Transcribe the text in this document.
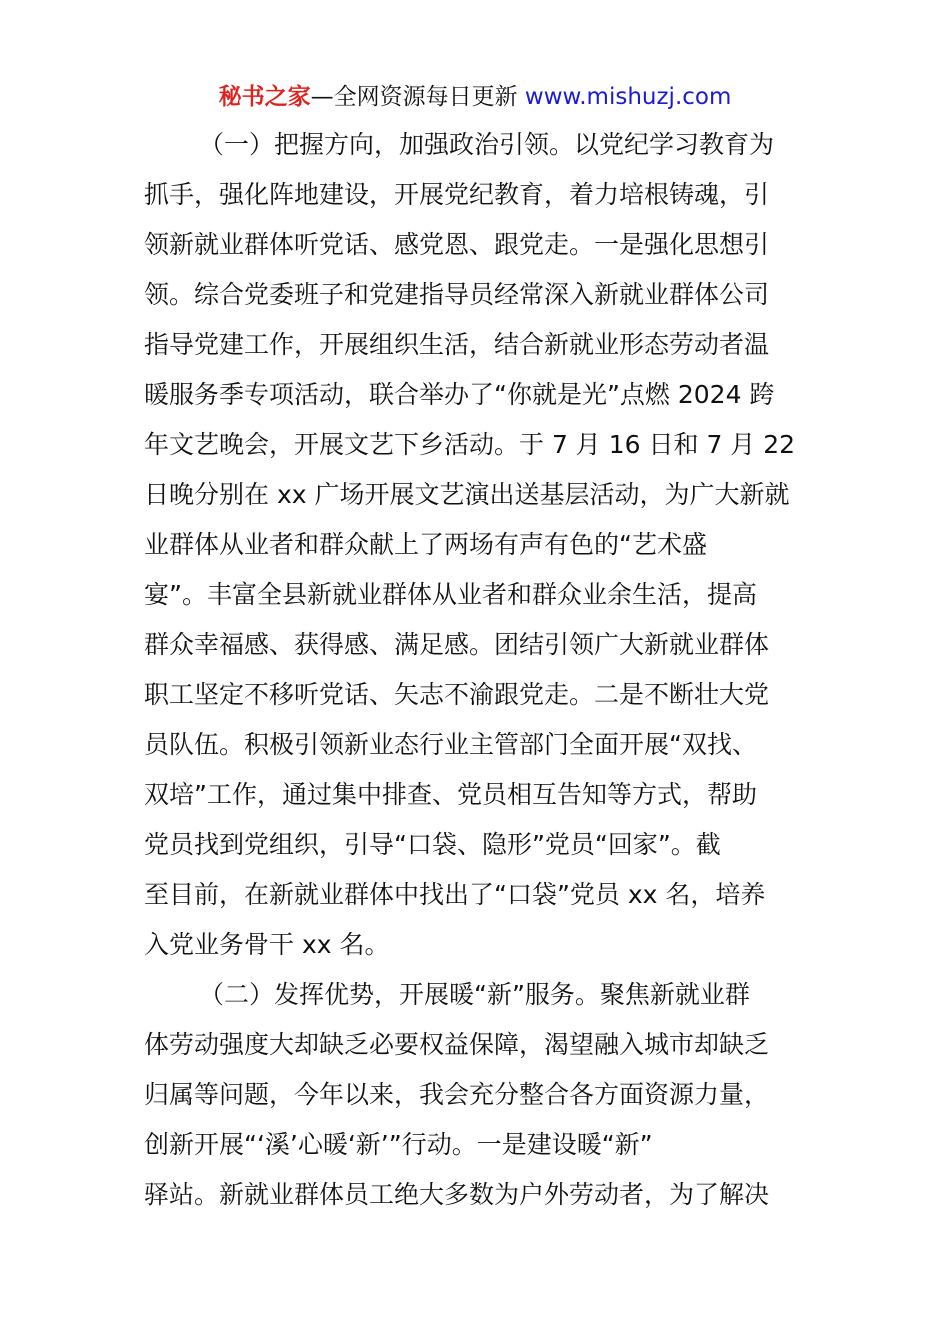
秘书之家—全网资源每日更新 www.mishuzj.com
（一）把握方向，加强政治引领。以党纪学习教育为
抓手，强化阵地建设，开展党纪教育，着力培根铸魂，引
领新就业群体听党话、感党恩、跟党走。一是强化思想引
领。综合党委班子和党建指导员经常深入新就业群体公司
指导党建工作，开展组织生活，结合新就业形态劳动者温
暖服务季专项活动，联合举办了“你就是光”点燃 2024 跨
年文艺晚会，开展文艺下乡活动。于 7 月 16 日和 7 月 22
日晚分别在 xx 广场开展文艺演出送基层活动，为广大新就
业群体从业者和群众献上了两场有声有色的“艺术盛
宴”。丰富全县新就业群体从业者和群众业余生活，提高
群众幸福感、获得感、满足感。团结引领广大新就业群体
职工坚定不移听党话、矢志不渝跟党走。二是不断壮大党
员队伍。积极引领新业态行业主管部门全面开展“双找、
双培”工作，通过集中排查、党员相互告知等方式，帮助
党员找到党组织，引导“口袋、隐形”党员“回家”。截
至目前，在新就业群体中找出了“口袋”党员 xx 名，培养
入党业务骨干 xx 名。
（二）发挥优势，开展暖“新”服务。聚焦新就业群
体劳动强度大却缺乏必要权益保障，渴望融入城市却缺乏
归属等问题，今年以来，我会充分整合各方面资源力量，
创新开展“‘溪’心暖‘新’”行动。一是建设暖“新”
驿站。新就业群体员工绝大多数为户外劳动者，为了解决
